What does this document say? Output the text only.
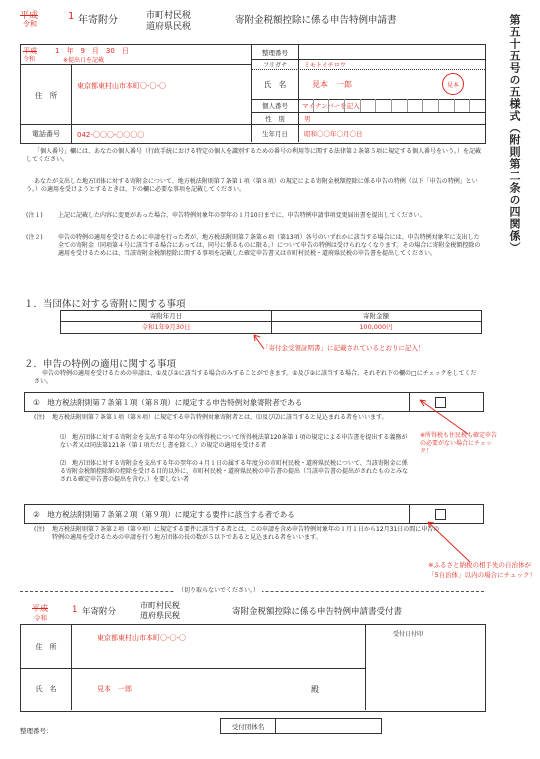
平成
令和
1 年寄附分	市町村民税
道府県民税
寄附金税額控除に係る申告特例申請書	第五十五号の五様式（附則第二条の四関係）
平成
令和
1　年　9　月　30　日
※提出日を記載
住　所
東京都東村山市本町〇-〇-〇
電話番号	042-〇〇〇-〇〇〇〇
整理番号
フリガナ	ミモトイチロウ
氏　名	見本　一郎	見本
個人番号	マイナンバーを記入
性　別	男
生年月日	昭和〇〇年〇月〇日
「個人番号」欄には、あなたの個人番号（行政手続における特定の個人を識別するための番号の利用等に関する法律第２条第５項に規定する個人番号をいう。）を記載してください。
あなたが支出した地方団体に対する寄附金について、地方税法附則第７条第１項（第８項）の規定による寄附金税額控除に係る申告の特例（以下「申告の特例」という。）の適用を受けようとするときは、下の欄に必要な事項を記載してください。
(注１)	上記に記載した内容に変更があった場合、申告特例対象年の翌年の１月10日までに、申告特例申請事項変更届出書を提出してください。
(注２)	申告の特例の適用を受けるために申請を行った者が、地方税法附則第７条第６項（第13項）各号のいずれかに該当する場合には、申告特例対象年に支出した全ての寄附金（同項第４号に該当する場合にあっては、同号に係るものに限る。）について申告の特例は受けられなくなります。その場合に寄附金税額控除の適用を受けるためには、当該寄附金税額控除に関する事項を記載した確定申告書又は市町村民税・道府県民税の申告書を提出してください。
１．当団体に対する寄附に関する事項
寄附年月日	寄附金額
令和1年9月30日	100,000円
「寄付金受領証明書」に記載されているとおりに記入！
２．申告の特例の適用に関する事項
申告の特例の適用を受けるための申請は、①及び②に該当する場合のみすることができます。①及び②に該当する場合、それぞれ下の欄の□にチェックをしてください。
①　地方税法附則第７条第１項（第８項）に規定する申告特例対象寄附者である
(注)	地方税法附則第７条第１項（第８項）に規定する申告特例対象寄附者とは、⑴及び⑵に該当すると見込まれる者をいいます。
⑴　地方団体に対する寄附金を支出する年の年分の所得税について所得税法第120条第１項の規定による申告書を提出する義務がない者又は同法第121条（第１項ただし書を除く。）の規定の適用を受ける者
⑵　地方団体に対する寄附金を支出する年の翌年の４月１日の属する年度分の市町村民税・道府県民税について、当該寄附金に係る寄附金税額控除額の控除を受ける目的以外に、市町村民税・道府県民税の申告書の提出（当該申告書の提出がされたものとみなされる確定申告書の提出を含む。）を要しない者
※所得税も住民税も確定申告の必要がない場合にチェック！
②　地方税法附則第７条第２項（第９項）に規定する要件に該当する者である
(注)	地方税法附則第７条第２項（第９項）に規定する要件に該当する者とは、この申請を含め申告特例対象年の１月１日から12月31日の間に申告の特例の適用を受けるための申請を行う地方団体の長の数が５以下であると見込まれる者をいいます。
※ふるさと納税の相手先の自治体が
「5自治体」以内の場合にチェック！
（切り取らないでください。）
平成
令和
1 年寄附分
市町村民税
道府県民税	寄附金税額控除に係る申告特例申請書受付書
住　所
東京都東村山市本町〇-〇-〇
氏　名	見本　一郎	殿
受付日付印
整理番号：
受付団体名
